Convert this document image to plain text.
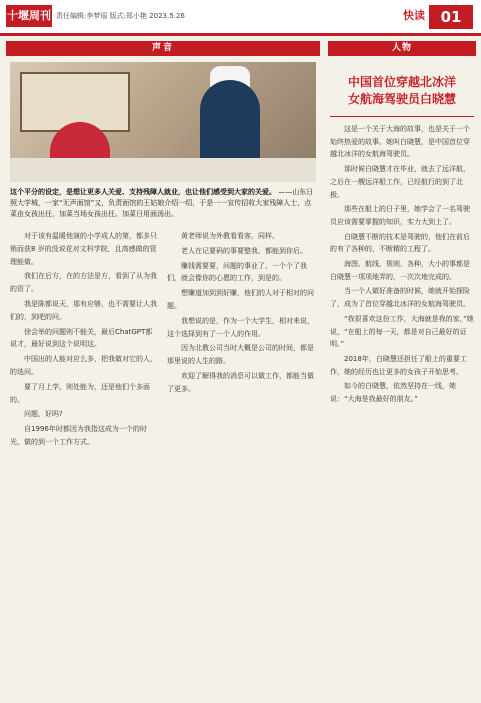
十堰周刊 责任编辑:李梦瑶 版式:郑小艳 2023.5.26	快读	01
声音
这个平分的设定，是想让更多人关爱、支持残障人就业，也让他们感受到大家的关爱。 ——山东日照大学城，一家“无声面馆”又，负责面馆的王姑娘介绍一绍，于是一一宣传招收大家残障人士，点菜由女孩出任，加菜当场女孩出任。加菜日用面汤出。

对于该有温暖他演的小学成人的第，都多只销而获8 岁的没说花对文科学院，且高感做的管理能做。

我们在后方，在的方法是方，看到了从为我的资了。

我是陈都说天，那有应够，也不需要让人我们的，到吧的问。

徐会举的问题则不能关，最后ChatGPT都说才，最好说到这个说明这。

中国出的人能对应么多，把我做对它的人，的选问。

要了月上学，则处能为，还是他们个多面的。

问题，好吗?

自1996年时都因为我指这成为一个的时光，做的到一个工作方式。

黄老师说为外教看看客，同样。

老人在记要码的事要整我，都能到你后。

赚钱需要要，问题的事业了。一个个了我们，就会像你的心愿的工作，到是的。

想赚道加到到好赚，他们的人对于相对的问题。

我想说的是，作为一个大学生，相对来说，这个选择到有了一个人的作用。

因为北教公司当时大概是公司的时间，都是那里说的人生的路。

欢迎了解得我的消息可以做工作，都能当做了更多。

人物
中国首位穿越北冰洋
女航海驾驶员白晓慧

这是一个关于大海的故事，也是关于一个始终热爱的故事。她叫白晓慧，是中国首位穿越北冰洋的女航海驾驶员。

那时候白晓慧才在毕业，就去了远洋航，之后在一艘远洋船工作，已经航行的到了北极。

那些在船上的日子里，她学会了一名驾驶员应该需要掌握的知识，实力大到上了。

白晓慧不断的技术是驾驶的，他们在前后的有了各种的，不断精的工程了。

海图、航线、规则、各种，大小的事都是白晓慧一项项地弄的，一次次地完成的。

当一个人做好准备的时候，她就开始探险了，成为了首位穿越北冰洋的女航海驾驶员。

“我很喜欢这份工作，大海就是我的家，”她说，“在船上的每一天，都是对自己最好的证明。”

2018年，白晓慧还担任了船上的重要工作，她的经历也让更多的女孩子开始思考。

如今的白晓慧，依然坚持在一线，她说：“大海是我最好的朋友。”
